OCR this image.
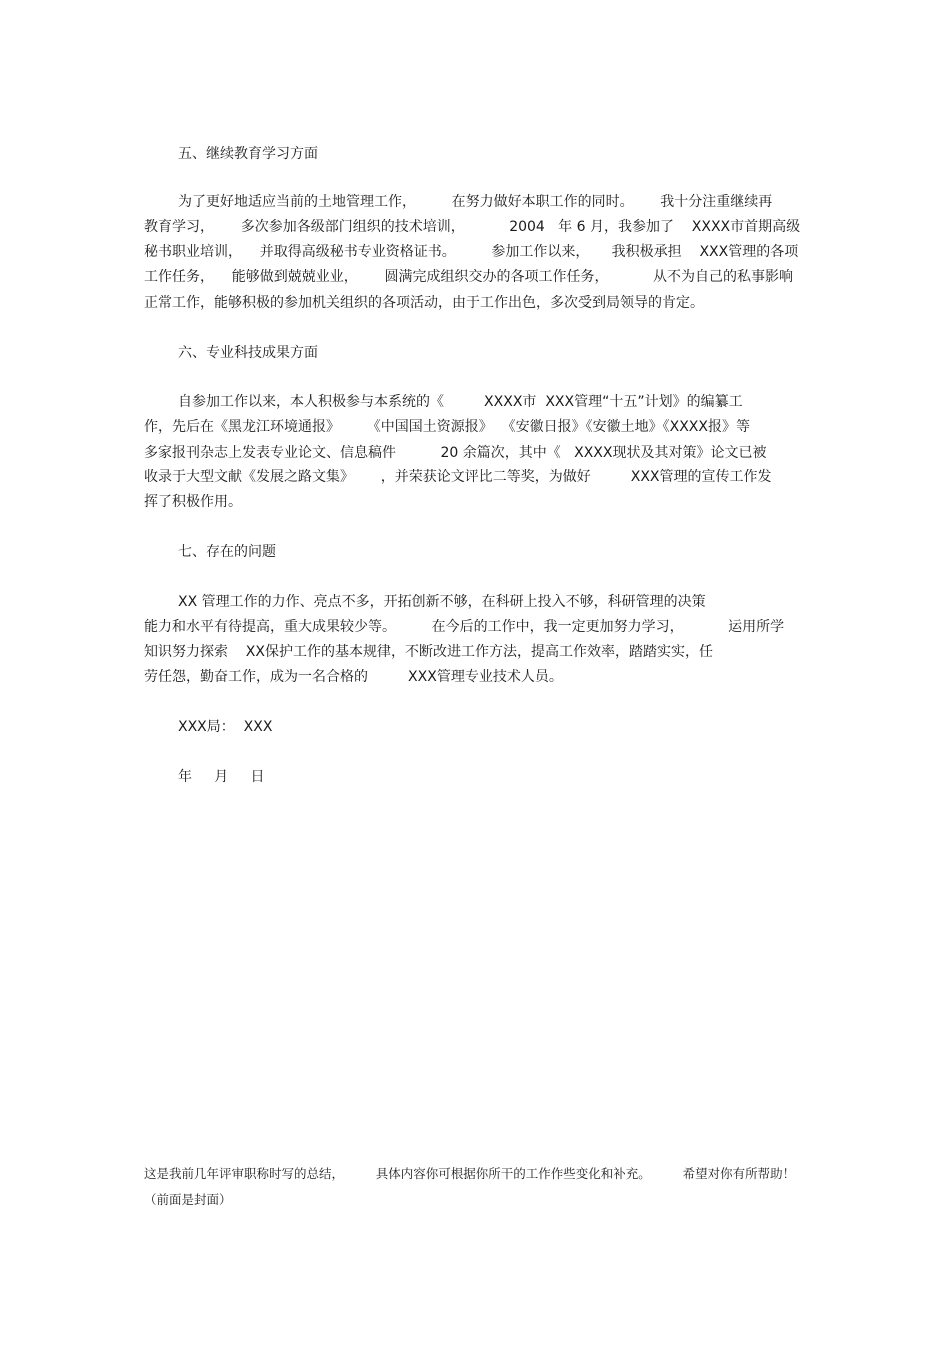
五、继续教育学习方面
为了更好地适应当前的土地管理工作，        在努力做好本职工作的同时。      我十分注重继续再
教育学习，      多次参加各级部门组织的技术培训，          2004   年 6 月，我参加了    XXXX市首期高级
秘书职业培训，    并取得高级秘书专业资格证书。        参加工作以来，     我积极承担    XXX管理的各项
工作任务，    能够做到兢兢业业，      圆满完成组织交办的各项工作任务，          从不为自己的私事影响
正常工作，能够积极的参加机关组织的各项活动，由于工作出色，多次受到局领导的肯定。
六、专业科技成果方面
自参加工作以来，本人积极参与本系统的《         XXXX市  XXX管理“十五”计划》的编纂工
作，先后在《黑龙江环境通报》      《中国国土资源报》  《安徽日报》《安徽土地》《XXXX报》等
多家报刊杂志上发表专业论文、信息稿件          20 余篇次，其中《   XXXX现状及其对策》论文已被
收录于大型文献《发展之路文集》      ，并荣获论文评比二等奖，为做好         XXX管理的宣传工作发
挥了积极作用。
七、存在的问题
XX 管理工作的力作、亮点不多，开拓创新不够，在科研上投入不够，科研管理的决策
能力和水平有待提高，重大成果较少等。        在今后的工作中，我一定更加努力学习，          运用所学
知识努力探索    XX保护工作的基本规律，不断改进工作方法，提高工作效率，踏踏实实，任
劳任怨，勤奋工作，成为一名合格的         XXX管理专业技术人员。
XXX局：  XXX
年     月     日
这是我前几年评审职称时写的总结，        具体内容你可根据你所干的工作作些变化和补充。        希望对你有所帮助！
（前面是封面）
